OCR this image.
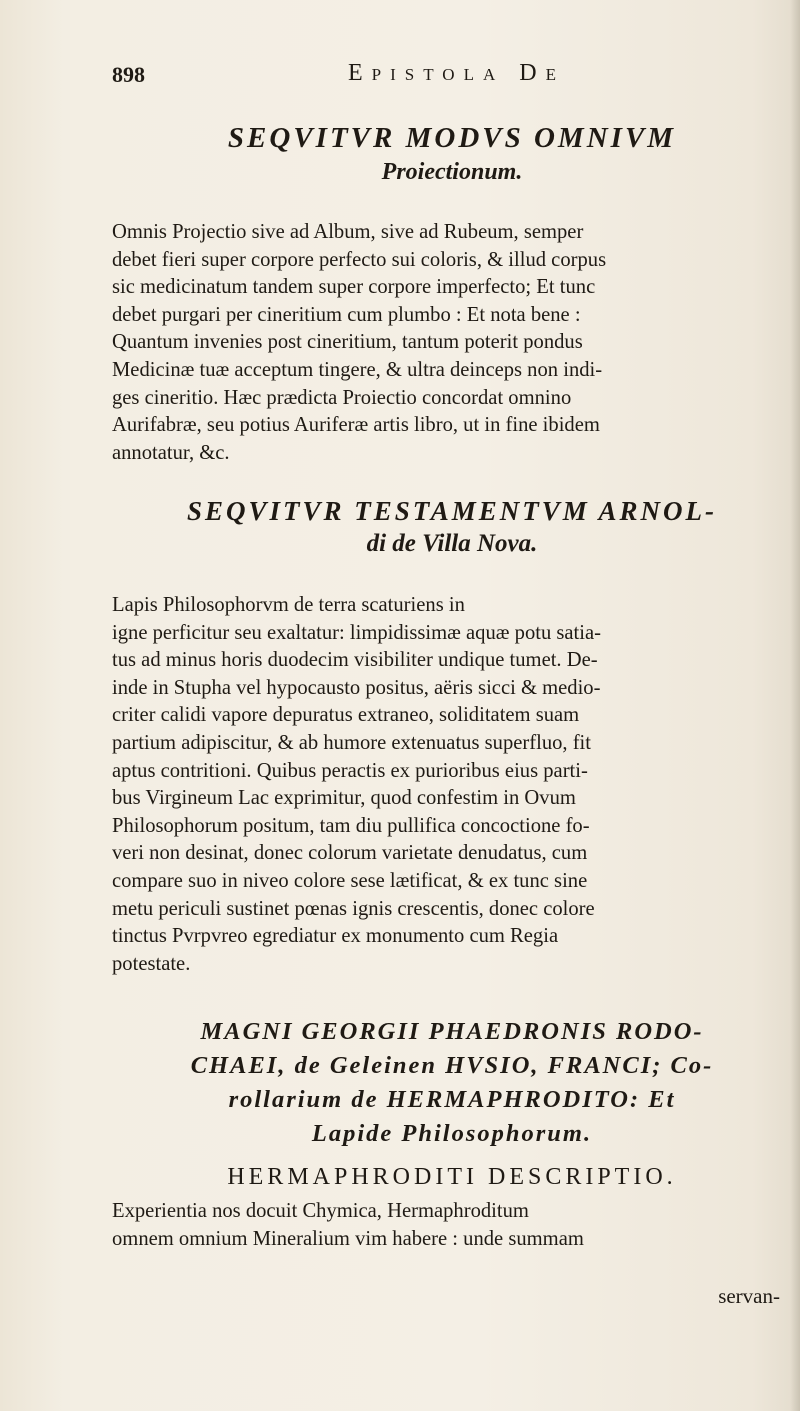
898	Epistola De
SEQVITVR MODVS OMNIVM
Proiectionum.
Omnis Projectio sive ad Album, sive ad Rubeum, semper
debet fieri super corpore perfecto sui coloris, & illud corpus
sic medicinatum tandem super corpore imperfecto; Et tunc
debet purgari per cineritium cum plumbo : Et nota bene :
Quantum invenies post cineritium, tantum poterit pondus
Medicinæ tuæ acceptum tingere, & ultra deinceps non indi-
ges cineritio. Hæc prædicta Proiectio concordat omnino
Aurifabræ, seu potius Auriferæ artis libro, ut in fine ibidem
annotatur, &c.
SEQVITVR TESTAMENTVM ARNOL-
di de Villa Nova.
Lapis Philosophorvm de terra scaturiens in
igne perficitur seu exaltatur: limpidissimæ aquæ potu satia-
tus ad minus horis duodecim visibiliter undique tumet. De-
inde in Stupha vel hypocausto positus, aëris sicci & medio-
criter calidi vapore depuratus extraneo, soliditatem suam
partium adipiscitur, & ab humore extenuatus superfluo, fit
aptus contritioni. Quibus peractis ex purioribus eius parti-
bus Virgineum Lac exprimitur, quod confestim in Ovum
Philosophorum positum, tam diu pullifica concoctione fo-
veri non desinat, donec colorum varietate denudatus, cum
compare suo in niveo colore sese lætificat, & ex tunc sine
metu periculi sustinet pœnas ignis crescentis, donec colore
tinctus Pvrpvreo egrediatur ex monumento cum Regia
potestate.
MAGNI GEORGII PHAEDRONIS RODO-
CHAEI, de Geleinen HVSIO, FRANCI; Co-
rollarium de HERMAPHRODITO: Et
Lapide Philosophorum.
HERMAPHRODITI DESCRIPTIO.
Experientia nos docuit Chymica, Hermaphroditum
omnem omnium Mineralium vim habere : unde summam
servan-
